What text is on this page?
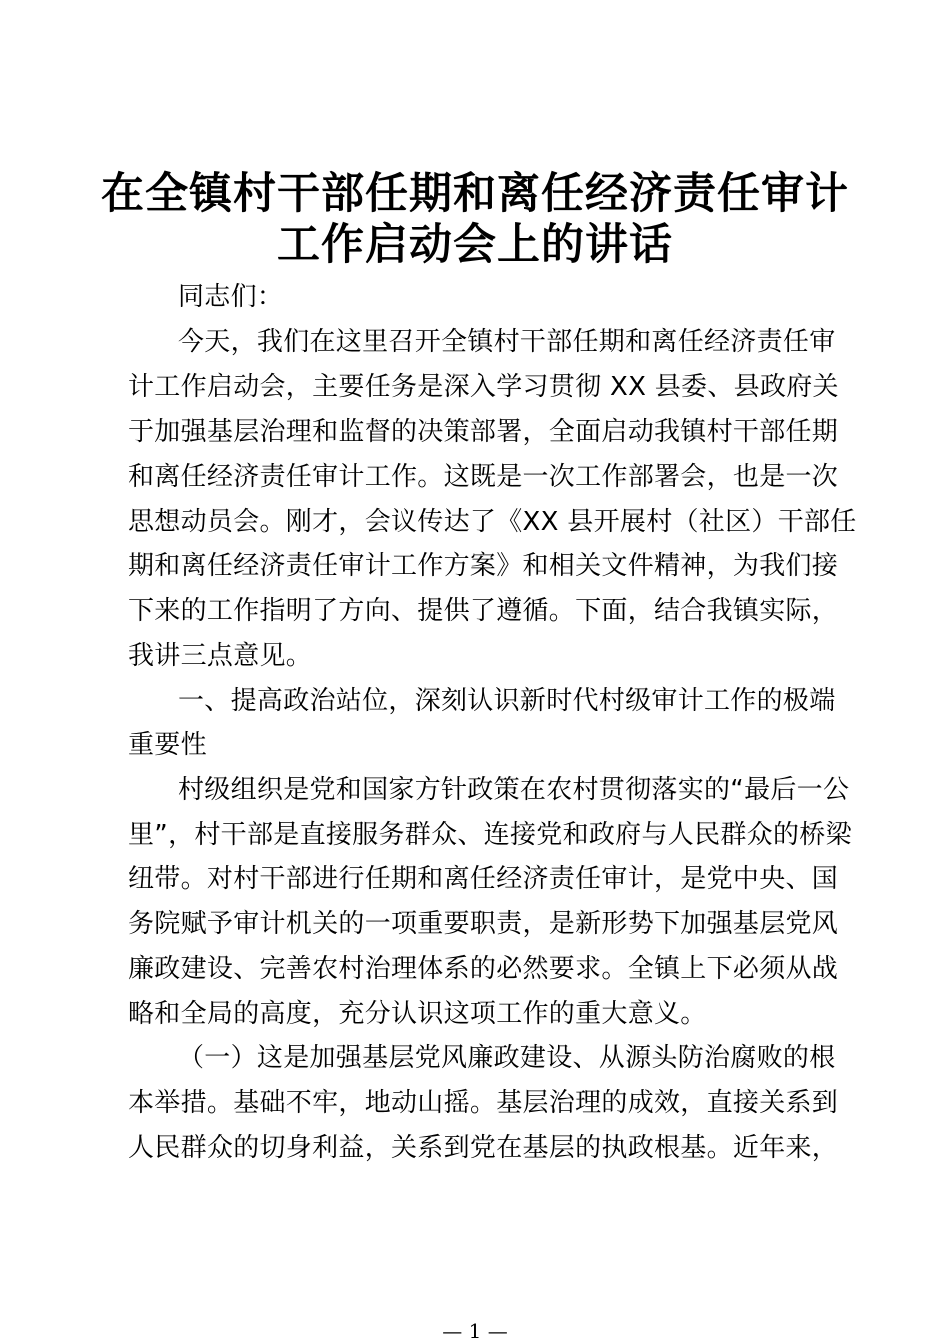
在全镇村干部任期和离任经济责任审计
工作启动会上的讲话
同志们：
今天，我们在这里召开全镇村干部任期和离任经济责任审
计工作启动会，主要任务是深入学习贯彻 XX 县委、县政府关
于加强基层治理和监督的决策部署，全面启动我镇村干部任期
和离任经济责任审计工作。这既是一次工作部署会，也是一次
思想动员会。刚才，会议传达了《XX 县开展村（社区）干部任
期和离任经济责任审计工作方案》和相关文件精神，为我们接
下来的工作指明了方向、提供了遵循。下面，结合我镇实际，
我讲三点意见。
一、提高政治站位，深刻认识新时代村级审计工作的极端
重要性
村级组织是党和国家方针政策在农村贯彻落实的“最后一公
里”，村干部是直接服务群众、连接党和政府与人民群众的桥梁
纽带。对村干部进行任期和离任经济责任审计，是党中央、国
务院赋予审计机关的一项重要职责，是新形势下加强基层党风
廉政建设、完善农村治理体系的必然要求。全镇上下必须从战
略和全局的高度，充分认识这项工作的重大意义。
（一）这是加强基层党风廉政建设、从源头防治腐败的根
本举措。基础不牢，地动山摇。基层治理的成效，直接关系到
人民群众的切身利益，关系到党在基层的执政根基。近年来，
— 1 —
